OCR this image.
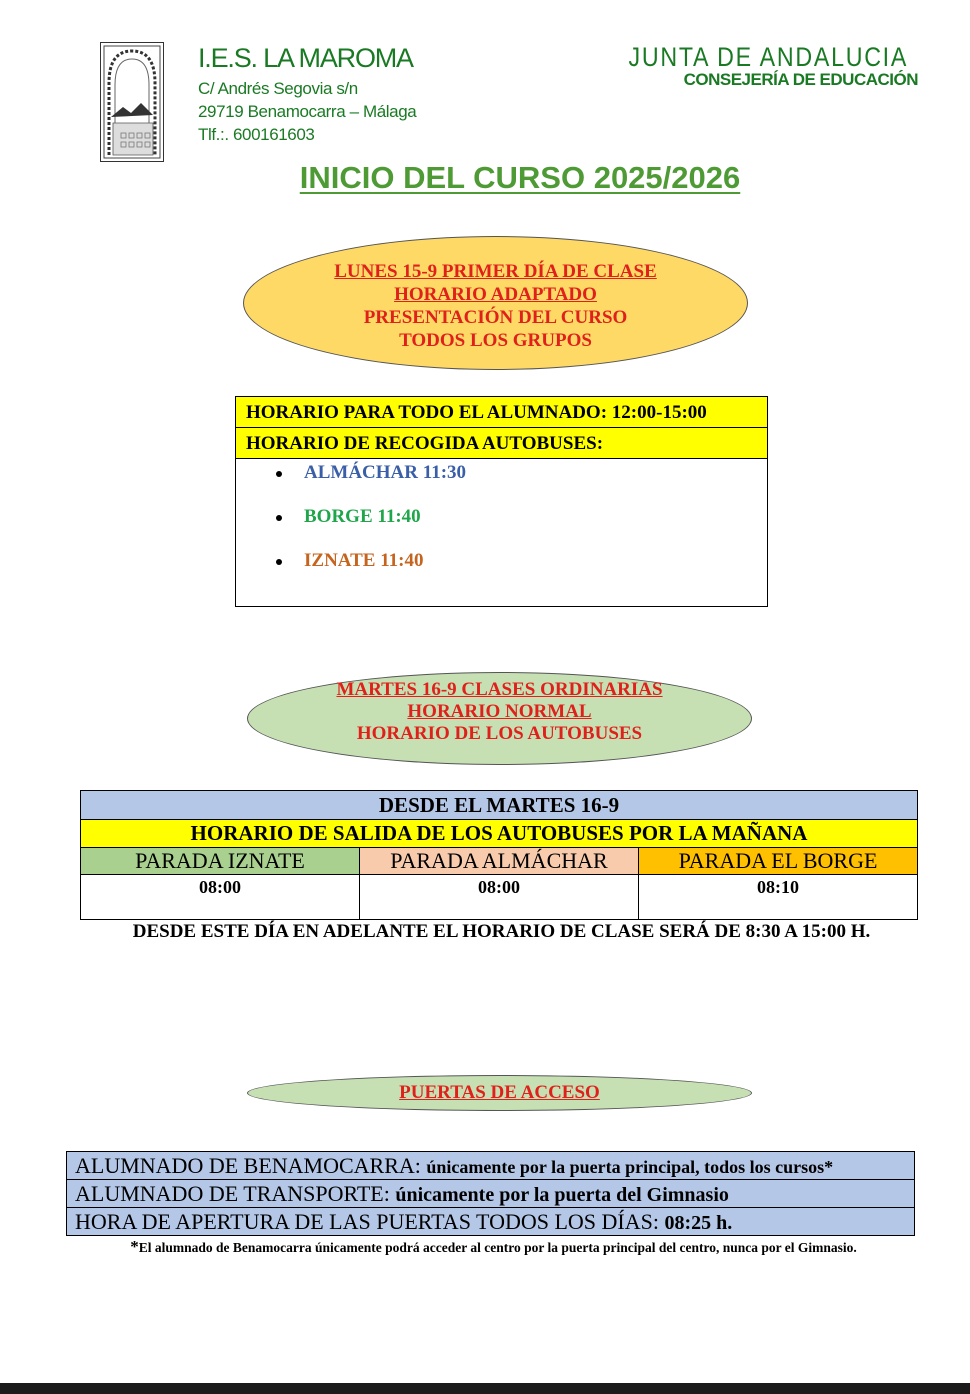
I.E.S. LA MAROMA
C/ Andrés Segovia s/n
29719 Benamocarra – Málaga
Tlf.:. 600161603
JUNTA DE ANDALUCIA
CONSEJERÍA DE EDUCACIÓN
INICIO DEL CURSO 2025/2026
LUNES 15-9 PRIMER DÍA DE CLASE
HORARIO ADAPTADO
PRESENTACIÓN DEL CURSO
TODOS LOS GRUPOS
HORARIO PARA TODO EL ALUMNADO: 12:00-15:00
HORARIO DE RECOGIDA AUTOBUSES:
ALMÁCHAR 11:30
BORGE 11:40
IZNATE 11:40
MARTES 16-9 CLASES ORDINARIAS
HORARIO NORMAL
HORARIO DE LOS AUTOBUSES
DESDE EL MARTES 16-9		
HORARIO DE SALIDA DE LOS AUTOBUSES POR LA MAÑANA		
PARADA IZNATE	PARADA ALMÁCHAR	PARADA EL BORGE
08:00	08:00	08:10
DESDE ESTE DÍA EN ADELANTE EL HORARIO DE CLASE SERÁ DE 8:30 A 15:00 H.
PUERTAS DE ACCESO
ALUMNADO DE BENAMOCARRA: únicamente por la puerta principal, todos los cursos*
ALUMNADO DE TRANSPORTE: únicamente por la puerta del Gimnasio
HORA DE APERTURA DE LAS PUERTAS TODOS LOS DÍAS: 08:25 h.
*El alumnado de Benamocarra únicamente podrá acceder al centro por la puerta principal del centro, nunca por el Gimnasio.
